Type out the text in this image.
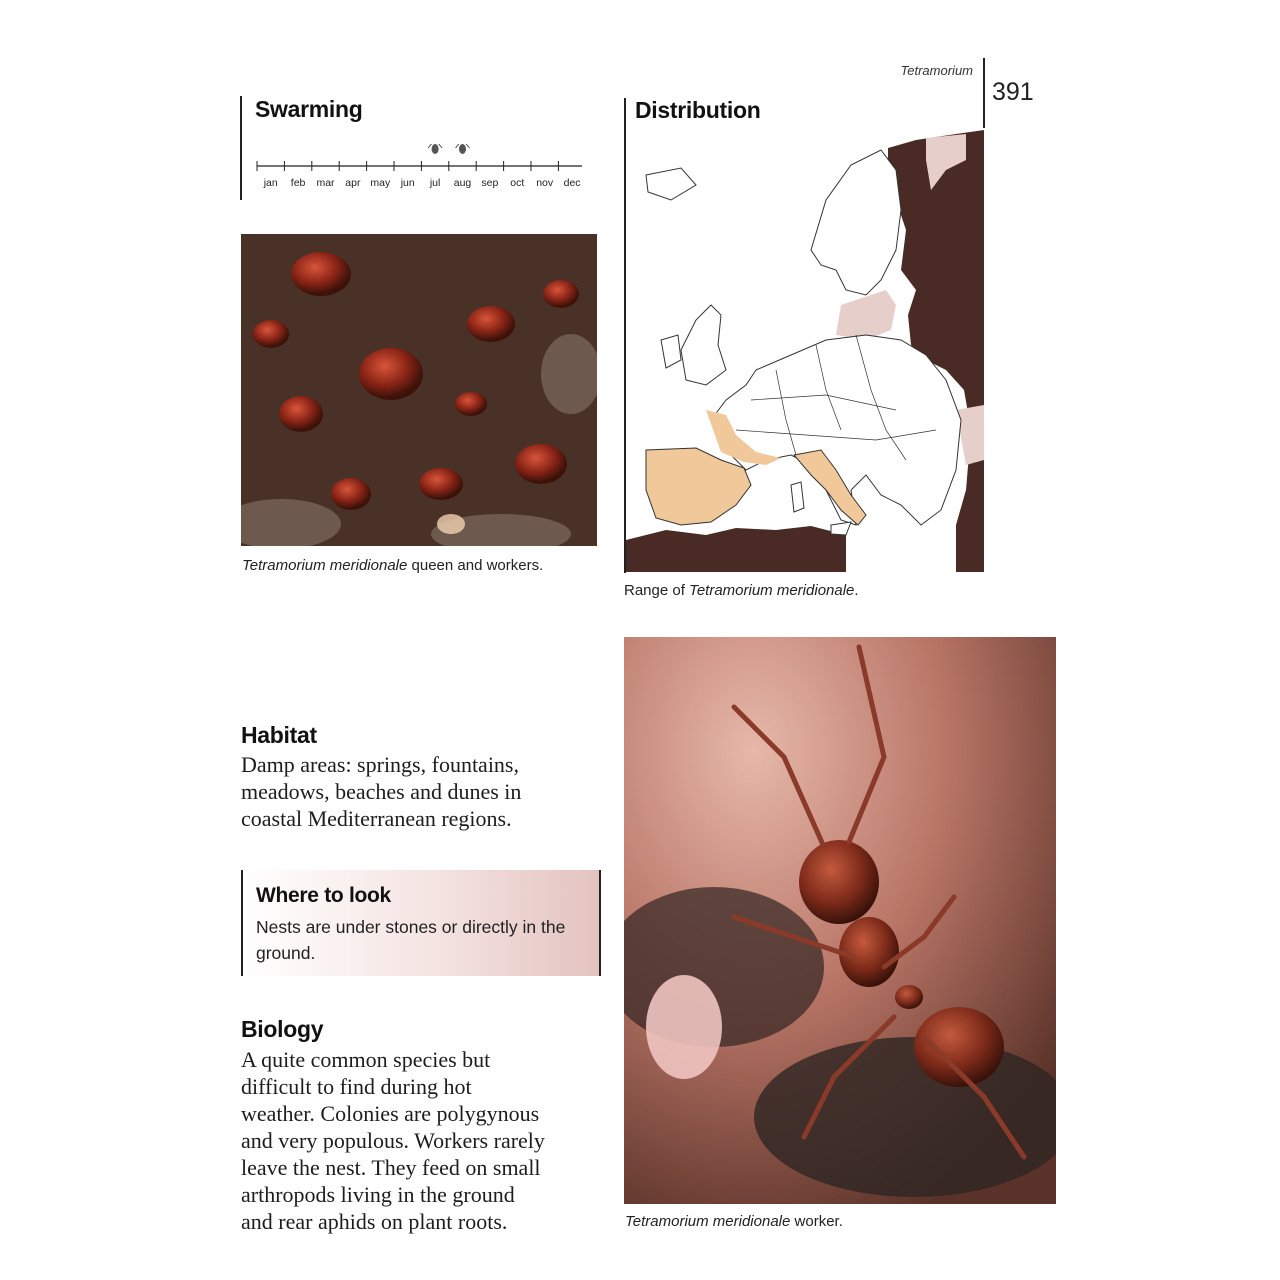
Tetramorium
391
Swarming
jan feb mar apr may jun jul aug sep oct nov dec
Distribution
Tetramorium meridionale queen and workers.
Range of Tetramorium meridionale.
Tetramorium meridionale worker.
Habitat
Damp areas: springs, fountains,
meadows, beaches and dunes in
coastal Mediterranean regions.
Where to look
Nests are under stones or directly in the
ground.
Biology
A quite common species but
difficult to find during hot
weather. Colonies are polygynous
and very populous. Workers rarely
leave the nest. They feed on small
arthropods living in the ground
and rear aphids on plant roots.
